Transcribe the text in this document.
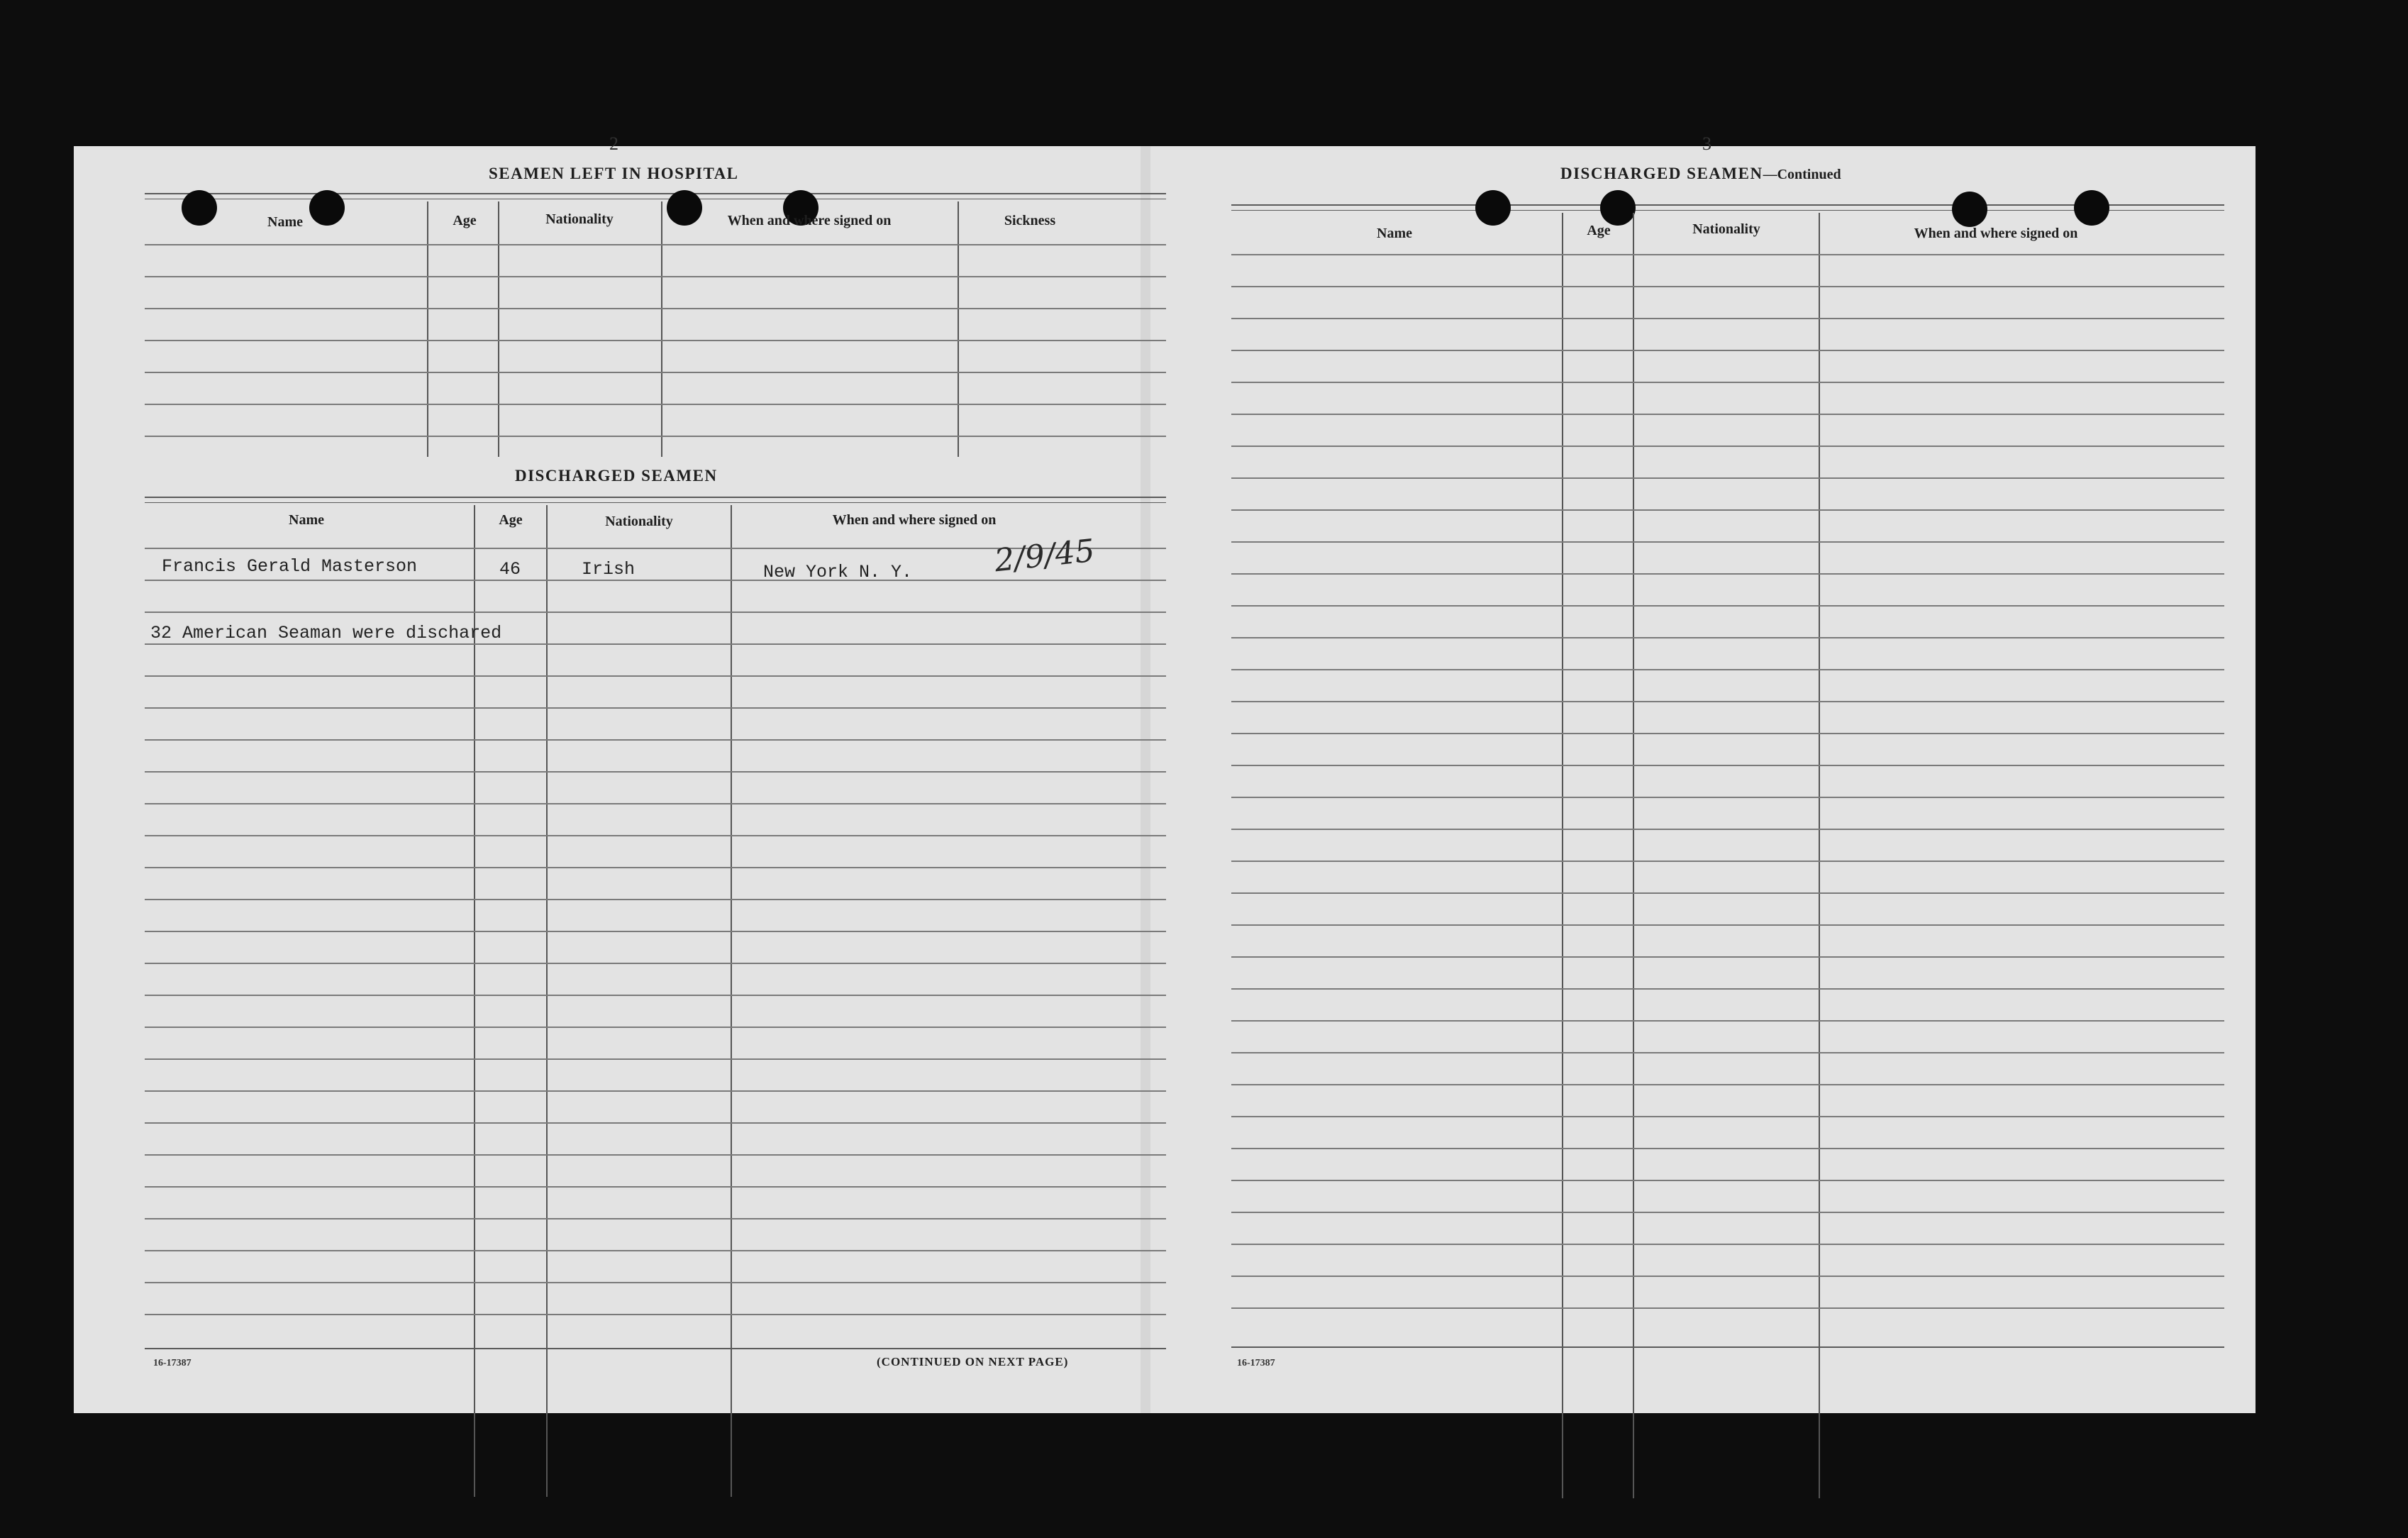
2
SEAMEN LEFT IN HOSPITAL
Name	Age	Nationality	When and where signed on	Sickness
DISCHARGED SEAMEN
Name	Age	Nationality	When and where signed on
Francis Gerald Masterson	46	Irish	New York N. Y.	2/9/45
32 American Seaman were dischared
16-17387	(CONTINUED ON NEXT PAGE)
3
DISCHARGED SEAMEN—Continued
Name	Age	Nationality	When and where signed on
16-17387
